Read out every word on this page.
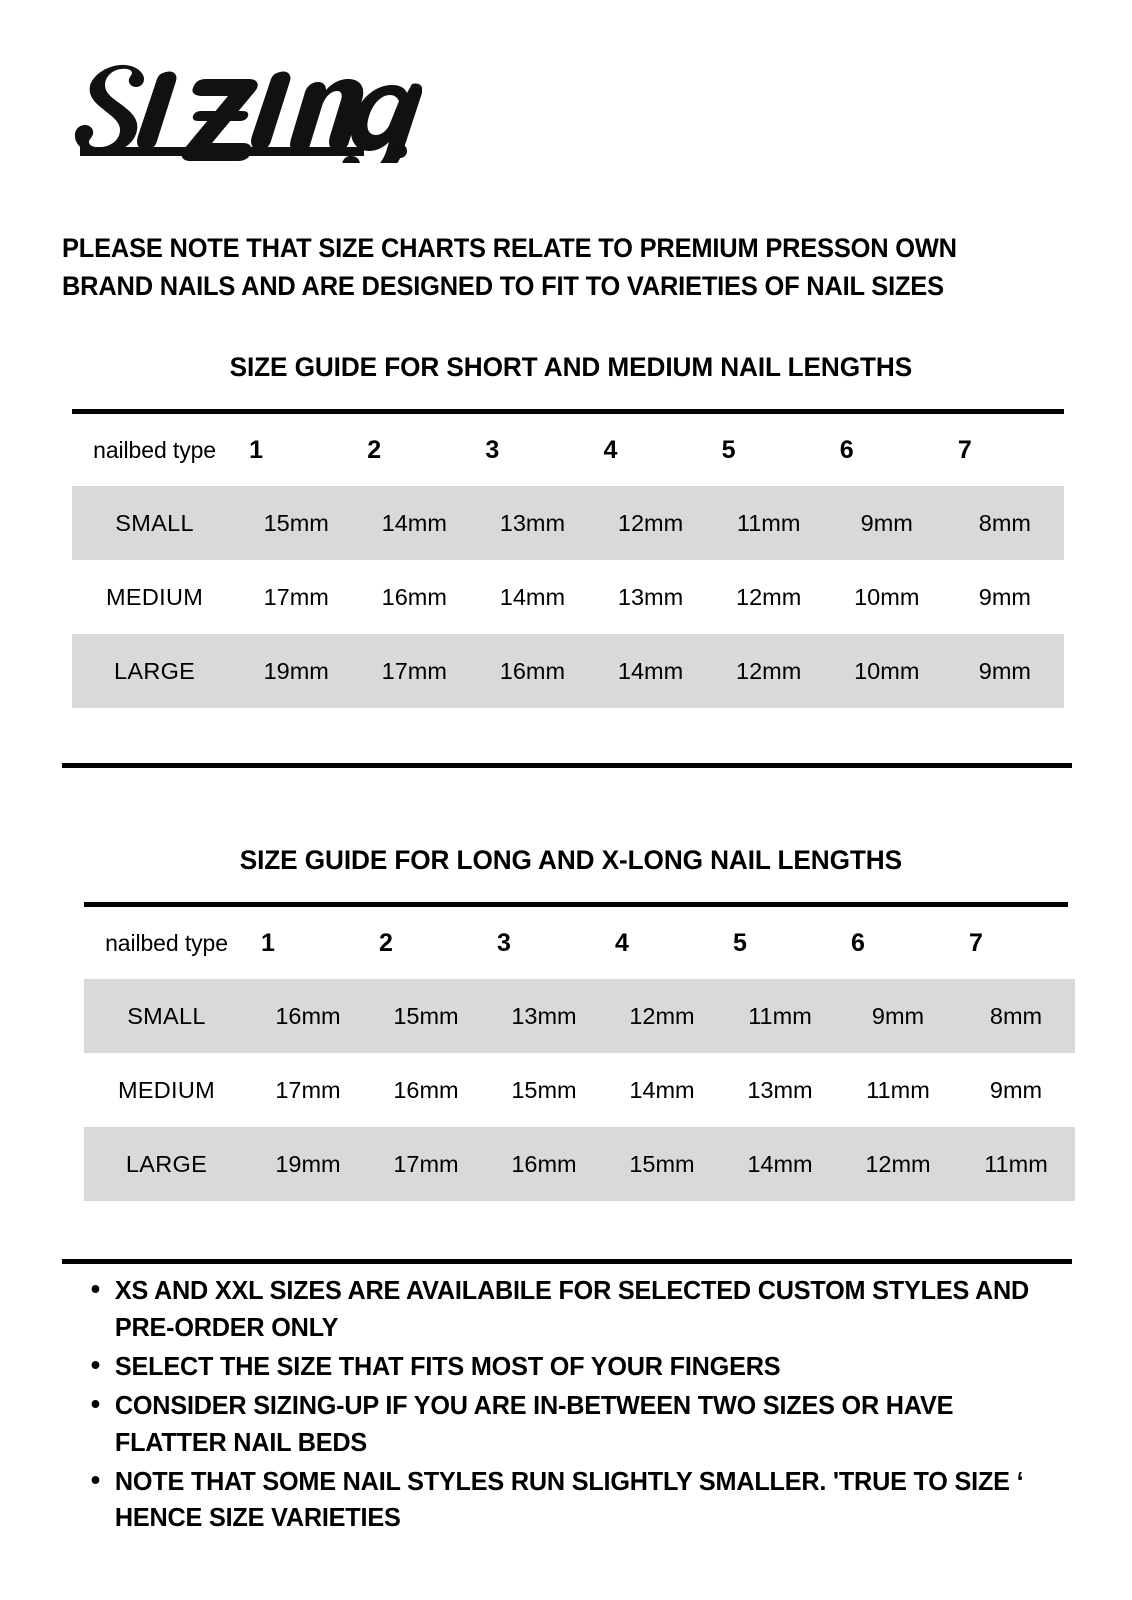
PLEASE NOTE THAT SIZE CHARTS RELATE TO PREMIUM PRESSON OWN BRAND NAILS AND ARE DESIGNED TO FIT TO VARIETIES OF NAIL SIZES

SIZE GUIDE FOR SHORT AND MEDIUM NAIL LENGTHS
nailbed type	1	2	3	4	5	6	7
SMALL	15mm	14mm	13mm	12mm	11mm	9mm	8mm
MEDIUM	17mm	16mm	14mm	13mm	12mm	10mm	9mm
LARGE	19mm	17mm	16mm	14mm	12mm	10mm	9mm
SIZE GUIDE FOR LONG AND X-LONG NAIL LENGTHS
nailbed type	1	2	3	4	5	6	7
SMALL	16mm	15mm	13mm	12mm	11mm	9mm	8mm
MEDIUM	17mm	16mm	15mm	14mm	13mm	11mm	9mm
LARGE	19mm	17mm	16mm	15mm	14mm	12mm	11mm
XS AND XXL SIZES ARE AVAILABILE FOR SELECTED CUSTOM STYLES AND PRE-ORDER ONLY
SELECT THE SIZE THAT FITS MOST OF YOUR FINGERS
CONSIDER SIZING-UP IF YOU ARE IN-BETWEEN TWO SIZES OR HAVE FLATTER NAIL BEDS
NOTE THAT SOME NAIL STYLES RUN SLIGHTLY SMALLER. 'TRUE TO SIZE ‘ HENCE SIZE VARIETIES
